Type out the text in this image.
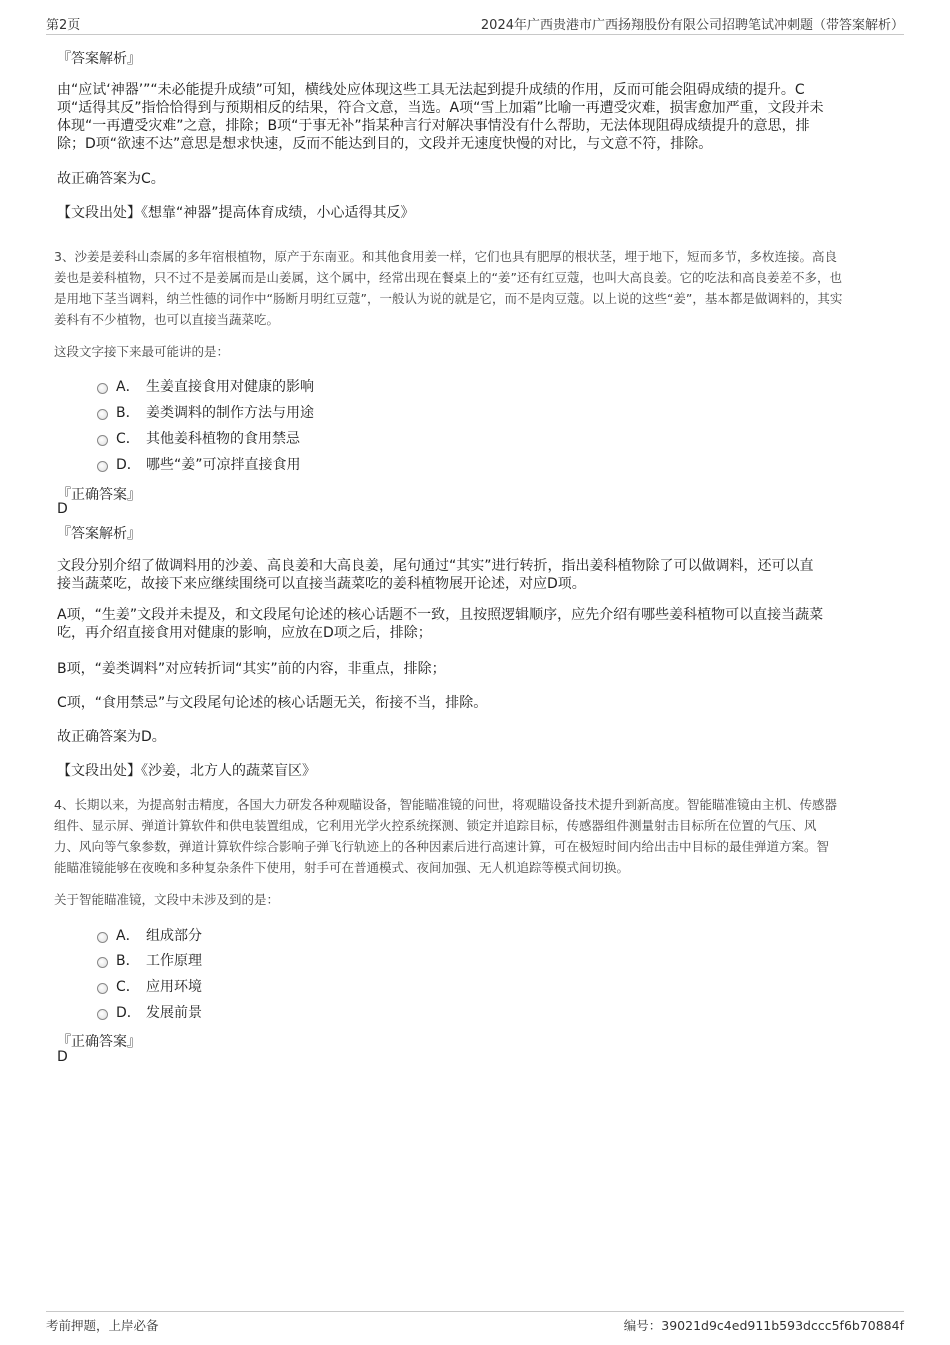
第2页	2024年广西贵港市广西扬翔股份有限公司招聘笔试冲刺题（带答案解析）
『答案解析』
由“应试‘神器’”“未必能提升成绩”可知，横线处应体现这些工具无法起到提升成绩的作用，反而可能会阻碍成绩的提升。C
项“适得其反”指恰恰得到与预期相反的结果，符合文意，当选。A项“雪上加霜”比喻一再遭受灾难，损害愈加严重，文段并未
体现“一再遭受灾难”之意，排除；B项“于事无补”指某种言行对解决事情没有什么帮助，无法体现阻碍成绩提升的意思，排
除；D项“欲速不达”意思是想求快速，反而不能达到目的，文段并无速度快慢的对比，与文意不符，排除。
故正确答案为C。
【文段出处】《想靠“神器”提高体育成绩，小心适得其反》
3、沙姜是姜科山柰属的多年宿根植物，原产于东南亚。和其他食用姜一样，它们也具有肥厚的根状茎，埋于地下，短而多节，多枚连接。高良
姜也是姜科植物，只不过不是姜属而是山姜属，这个属中，经常出现在餐桌上的“姜”还有红豆蔻，也叫大高良姜。它的吃法和高良姜差不多，也
是用地下茎当调料，纳兰性德的词作中“肠断月明红豆蔻”，一般认为说的就是它，而不是肉豆蔻。以上说的这些“姜”，基本都是做调料的，其实
姜科有不少植物，也可以直接当蔬菜吃。
这段文字接下来最可能讲的是：
A． 生姜直接食用对健康的影响
B． 姜类调料的制作方法与用途
C． 其他姜科植物的食用禁忌
D． 哪些“姜”可凉拌直接食用
『正确答案』
D
『答案解析』
文段分别介绍了做调料用的沙姜、高良姜和大高良姜，尾句通过“其实”进行转折，指出姜科植物除了可以做调料，还可以直
接当蔬菜吃，故接下来应继续围绕可以直接当蔬菜吃的姜科植物展开论述，对应D项。
A项，“生姜”文段并未提及，和文段尾句论述的核心话题不一致，且按照逻辑顺序，应先介绍有哪些姜科植物可以直接当蔬菜
吃，再介绍直接食用对健康的影响，应放在D项之后，排除；
B项，“姜类调料”对应转折词“其实”前的内容，非重点，排除；
C项，“食用禁忌”与文段尾句论述的核心话题无关，衔接不当，排除。
故正确答案为D。
【文段出处】《沙姜，北方人的蔬菜盲区》
4、长期以来，为提高射击精度，各国大力研发各种观瞄设备，智能瞄准镜的问世，将观瞄设备技术提升到新高度。智能瞄准镜由主机、传感器
组件、显示屏、弹道计算软件和供电装置组成，它利用光学火控系统探测、锁定并追踪目标，传感器组件测量射击目标所在位置的气压、风
力、风向等气象参数，弹道计算软件综合影响子弹飞行轨迹上的各种因素后进行高速计算，可在极短时间内给出击中目标的最佳弹道方案。智
能瞄准镜能够在夜晚和多种复杂条件下使用，射手可在普通模式、夜间加强、无人机追踪等模式间切换。
关于智能瞄准镜，文段中未涉及到的是：
A． 组成部分
B． 工作原理
C． 应用环境
D． 发展前景
『正确答案』
D
考前押题，上岸必备	编号：39021d9c4ed911b593dccc5f6b70884f
